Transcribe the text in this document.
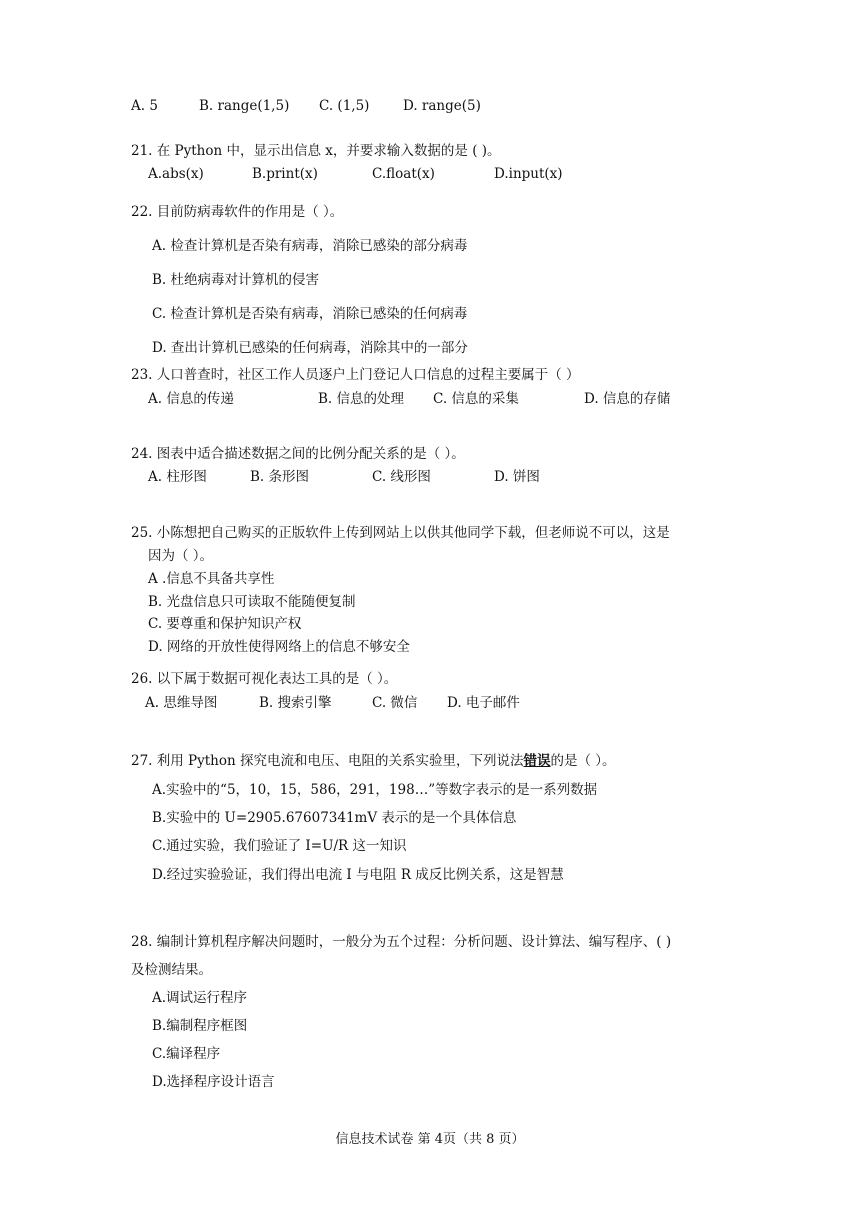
A. 5	B. range(1,5) C. (1,5) D. range(5)
21. 在 Python 中，显示出信息 x，并要求输入数据的是 ( )。
A.abs(x)	B.print(x)	C.float(x)	D.input(x)
22. 目前防病毒软件的作用是（ ）。
A. 检查计算机是否染有病毒，消除已感染的部分病毒
B. 杜绝病毒对计算机的侵害
C. 检查计算机是否染有病毒，消除已感染的任何病毒
D. 查出计算机已感染的任何病毒，消除其中的一部分
23. 人口普查时，社区工作人员逐户上门登记人口信息的过程主要属于（ ）
A. 信息的传递	B. 信息的处理 C. 信息的采集	D. 信息的存储
24. 图表中适合描述数据之间的比例分配关系的是（ ）。
A. 柱形图	B. 条形图	C. 线形图	D. 饼图
25. 小陈想把自己购买的正版软件上传到网站上以供其他同学下载，但老师说不可以，这是
因为（ ）。
A .信息不具备共享性
B. 光盘信息只可读取不能随便复制
C. 要尊重和保护知识产权
D. 网络的开放性使得网络上的信息不够安全
26. 以下属于数据可视化表达工具的是（ ）。
A. 思维导图	B. 搜索引擎	C. 微信 D. 电子邮件
27. 利用 Python 探究电流和电压、电阻的关系实验里，下列说法错误的是（ ）。
A.实验中的“5，10，15，586，291，198…”等数字表示的是一系列数据
B.实验中的 U=2905.67607341mV 表示的是一个具体信息
C.通过实验，我们验证了 I=U/R 这一知识
D.经过实验验证，我们得出电流 I 与电阻 R 成反比例关系，这是智慧
28. 编制计算机程序解决问题时，一般分为五个过程：分析问题、设计算法、编写程序、( )
及检测结果。
A.调试运行程序
B.编制程序框图
C.编译程序
D.选择程序设计语言
信息技术试卷 第 4页（共 8 页）
